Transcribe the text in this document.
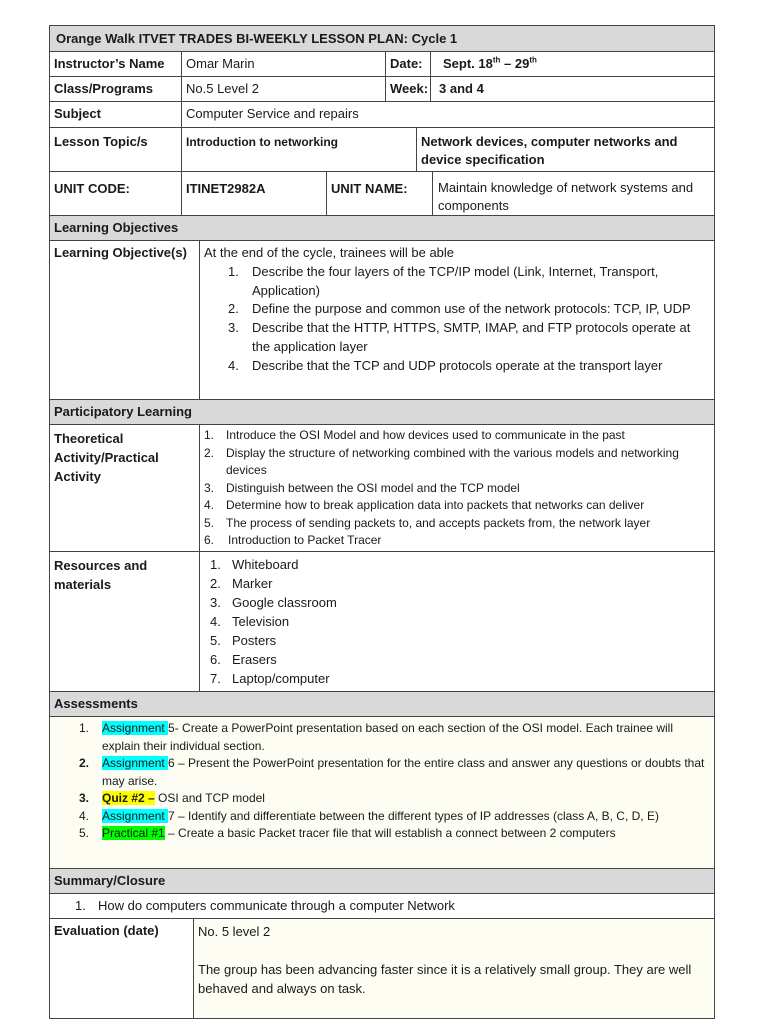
Orange Walk ITVET TRADES BI-WEEKLY LESSON PLAN: Cycle 1
Instructor’s Name	Omar Marin	Date:	Sept. 18th – 29th
Class/Programs	No.5 Level 2	Week: 3 and 4
Subject	Computer Service and repairs
Lesson Topic/s	Introduction to networking	Network devices, computer networks and device specification
UNIT CODE:	ITINET2982A	UNIT NAME:	Maintain knowledge of network systems and components
Learning Objectives
Learning Objective(s)	At the end of the cycle, trainees will be able
1. Describe the four layers of the TCP/IP model (Link, Internet, Transport, Application)
2. Define the purpose and common use of the network protocols: TCP, IP, UDP
3. Describe that the HTTP, HTTPS, SMTP, IMAP, and FTP protocols operate at the application layer
4. Describe that the TCP and UDP protocols operate at the transport layer
Participatory Learning
Theoretical Activity/Practical Activity
1. Introduce the OSI Model and how devices used to communicate in the past
2. Display the structure of networking combined with the various models and networking devices
3. Distinguish between the OSI model and the TCP model
4. Determine how to break application data into packets that networks can deliver
5. The process of sending packets to, and accepts packets from, the network layer
6. Introduction to Packet Tracer
Resources and materials
1. Whiteboard
2. Marker
3. Google classroom
4. Television
5. Posters
6. Erasers
7. Laptop/computer
Assessments
1. Assignment 5- Create a PowerPoint presentation based on each section of the OSI model. Each trainee will explain their individual section.
2. Assignment 6 – Present the PowerPoint presentation for the entire class and answer any questions or doubts that may arise.
3. Quiz #2 – OSI and TCP model
4. Assignment 7 – Identify and differentiate between the different types of IP addresses (class A, B, C, D, E)
5. Practical #1 – Create a basic Packet tracer file that will establish a connect between 2 computers
Summary/Closure
1. How do computers communicate through a computer Network
Evaluation (date)	No. 5 level 2
The group has been advancing faster since it is a relatively small group. They are well behaved and always on task.
